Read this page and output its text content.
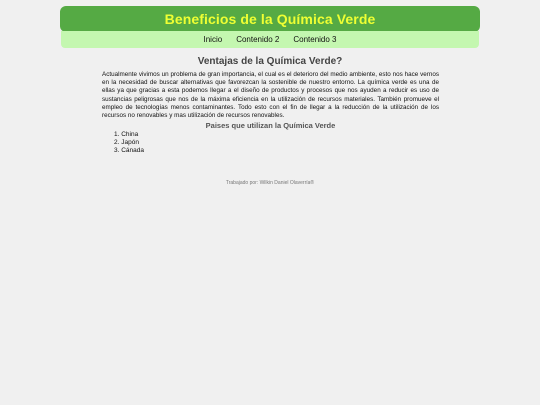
Beneficios de la Química Verde
Inicio Contenido 2 Contenido 3
Ventajas de la Química Verde?

Actualmente vivimos un problema de gran importancia, el cual es el deterioro del medio ambiente, esto nos hace vernos en la necesidad de buscar alternativas que favorezcan la sostenible de nuestro entorno. La química verde es una de ellas ya que gracias a esta podemos llegar a el diseño de productos y procesos que nos ayuden a reducir es uso de sustancias peligrosas que nos de la máxima eficiencia en la utilización de recursos materiales. También promueve el empleo de tecnologías menos contaminantes. Todo esto con el fin de llegar a la reducción de la utilización de los recursos no renovables y mas utilización de recursos renovables.

Paises que utilizan la Química Verde
1. China
2. Japón
3. Cánada
Trabajado por: Wilkin Daniel Olaverría®
